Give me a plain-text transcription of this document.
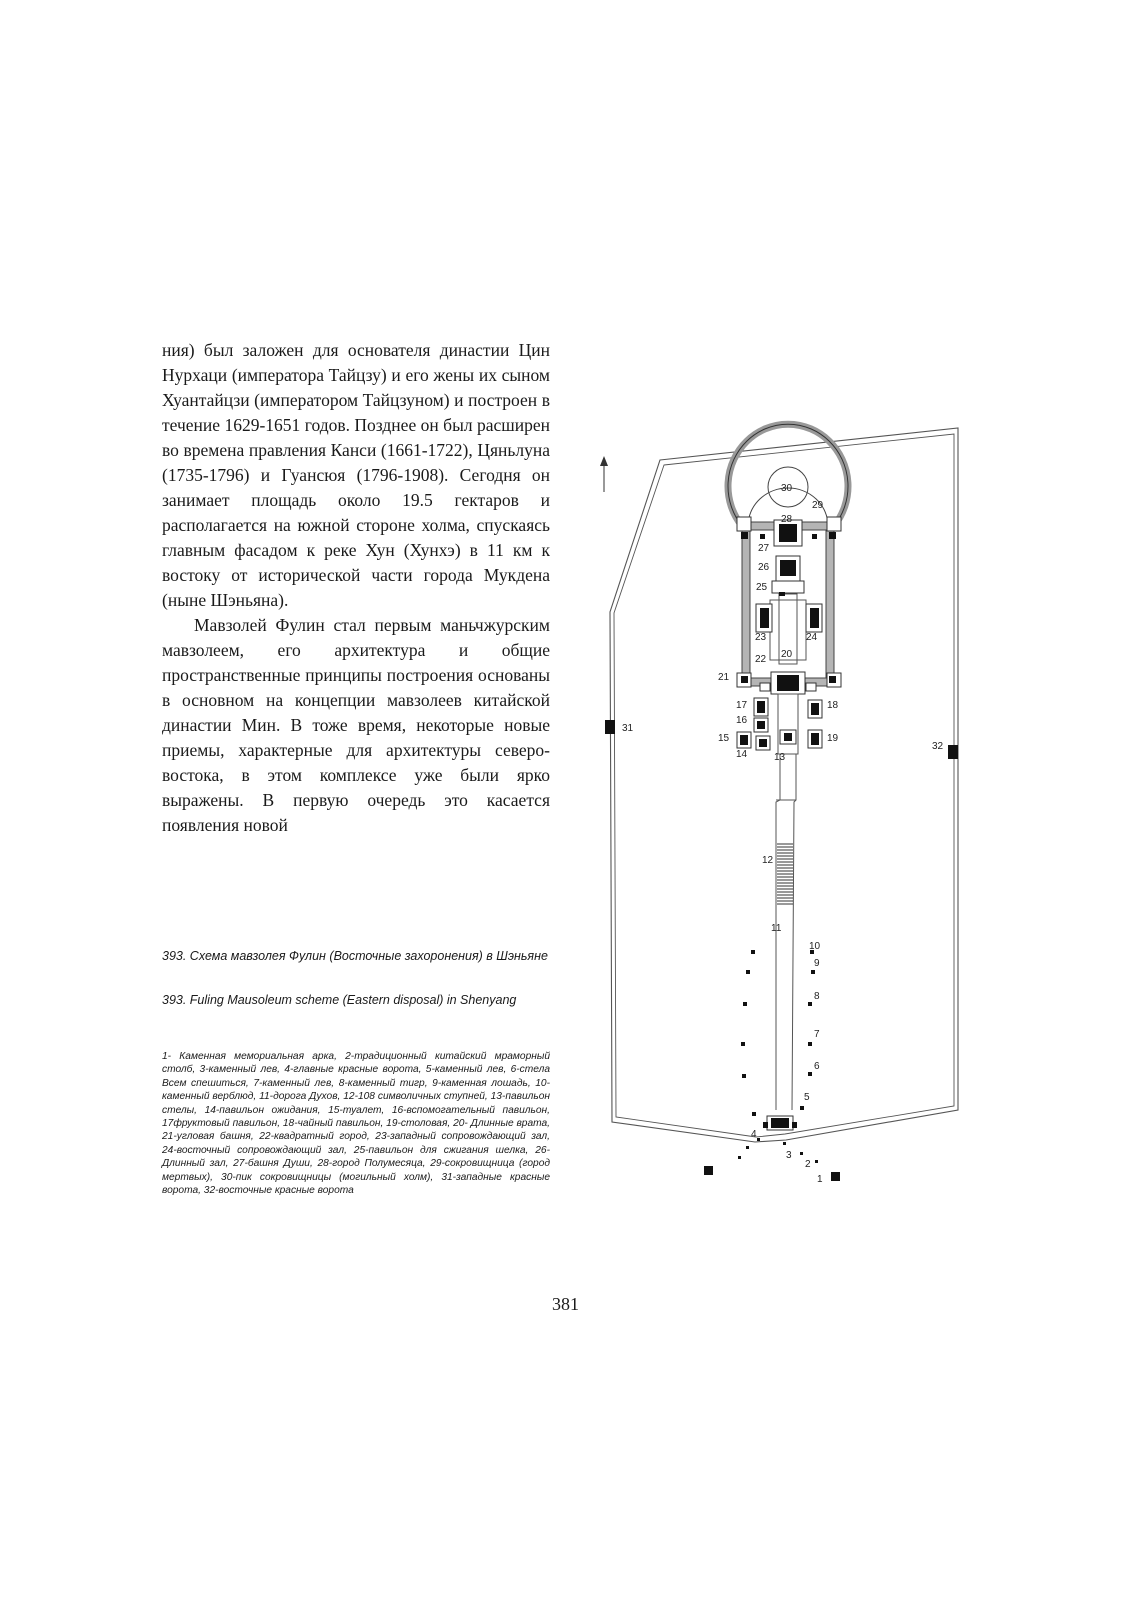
ния) был заложен для основателя династии Цин Нурхаци (императора Тайцзу) и его жены их сыном Хуантайцзи (императором Тайцзуном) и построен в течение 1629-1651 годов. Позднее он был расширен во времена правления Канси (1661-1722), Цяньлуна (1735-1796) и Гуансюя (1796-1908). Сегодня он занимает площадь около 19.5 гектаров и располагается на южной стороне холма, спускаясь главным фасадом к реке Хун (Хунхэ) в 11 км к востоку от исторической части города Мукдена (ныне Шэньяна).

Мавзолей Фулин стал первым маньчжурским мавзолеем, его архитектура и общие пространственные принципы построения основаны в основном на концепции мавзолеев китайской династии Мин. В тоже время, некоторые новые приемы, характерные для архитектуры северо-востока, в этом комплексе уже были ярко выражены. В первую очередь это касается появления новой

393. Схема мавзолея Фулин (Восточные захоронения) в Шэньяне

393. Fuling Mausoleum scheme (Eastern disposal) in Shenyang

1- Каменная мемориальная арка, 2-традиционный китайский мраморный столб, 3-каменный лев, 4-главные красные ворота, 5-каменный лев, 6-стела Всем спешиться, 7-каменный лев, 8-каменный тигр, 9-каменная лошадь, 10-каменный верблюд, 11-дорога Духов, 12-108 символичных ступней, 13-павильон стелы, 14-павильон ожидания, 15-туалет, 16-вспомогательный павильон, 17фруктовый павильон, 18-чайный павильон, 19-столовая, 20- Длинные врата, 21-угловая башня, 22-квадратный город, 23-западный сопровождающий зал, 24-восточный сопровождающий зал, 25-павильон для сжигания шелка, 26-Длинный зал, 27-башня Души, 28-город Полумесяца, 29-сокровищница (город мертвых), 30-пик сокровищницы (могильный холм), 31-западные красные ворота, 32-восточные красные ворота

1
2
3
4
5
6
7
8
9
10
11
12
13
14
15
16
17	18
19
20
21
22
23	24
25
26
27
28
29
30
31
32
381
